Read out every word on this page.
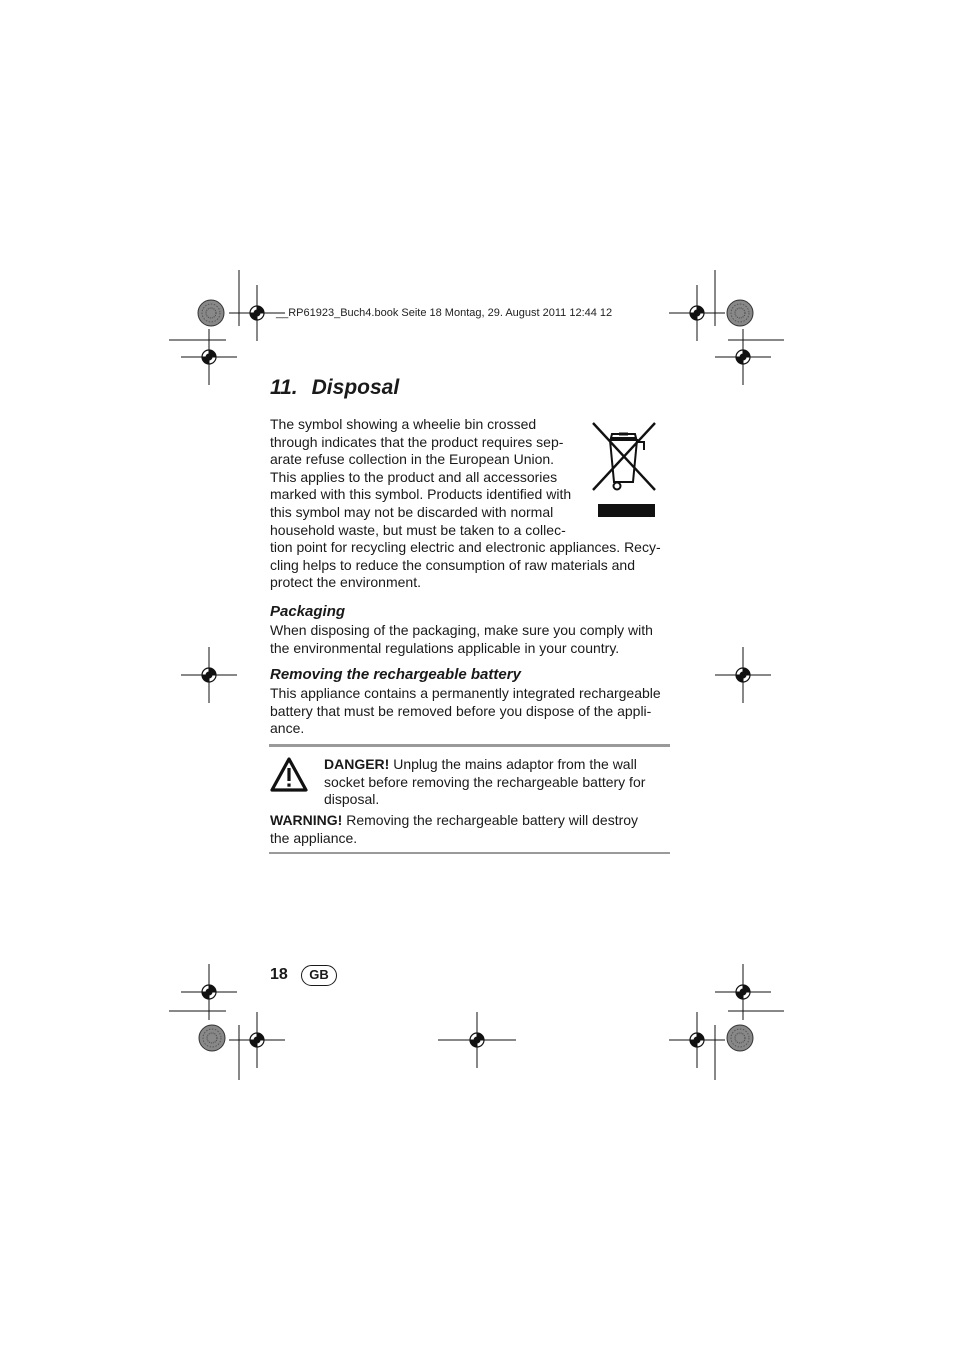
__RP61923_Buch4.book Seite 18 Montag, 29. August 2011 12:44 12
11. Disposal
The symbol showing a wheelie bin crossed
through indicates that the product requires sep-
arate refuse collection in the European Union.
This applies to the product and all accessories
marked with this symbol. Products identified with
this symbol may not be discarded with normal
household waste, but must be taken to a collec-
tion point for recycling electric and electronic appliances. Recy-
cling helps to reduce the consumption of raw materials and
protect the environment.
Packaging
When disposing of the packaging, make sure you comply with
the environmental regulations applicable in your country.
Removing the rechargeable battery
This appliance contains a permanently integrated rechargeable
battery that must be removed before you dispose of the appli-
ance.
DANGER! Unplug the mains adaptor from the wall
socket before removing the rechargeable battery for
disposal.
WARNING! Removing the rechargeable battery will destroy
the appliance.
18	GB
